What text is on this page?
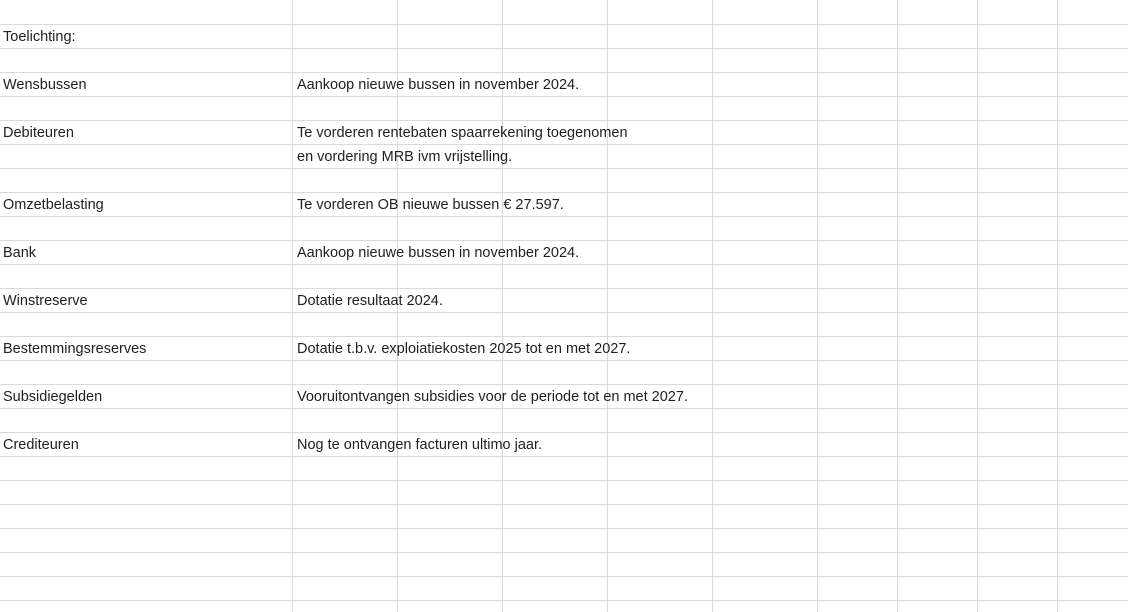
Toelichting:
Wensbussen
Debiteuren
Omzetbelasting
Bank
Winstreserve
Bestemmingsreserves
Subsidiegelden
Crediteuren
Aankoop nieuwe bussen in november 2024.
Te vorderen rentebaten spaarrekening toegenomen
en vordering MRB ivm vrijstelling.
Te vorderen OB nieuwe bussen € 27.597.
Aankoop nieuwe bussen in november 2024.
Dotatie resultaat 2024.
Dotatie t.b.v. exploiatiekosten 2025 tot en met 2027.
Vooruitontvangen subsidies voor de periode tot en met 2027.
Nog te ontvangen facturen ultimo jaar.
